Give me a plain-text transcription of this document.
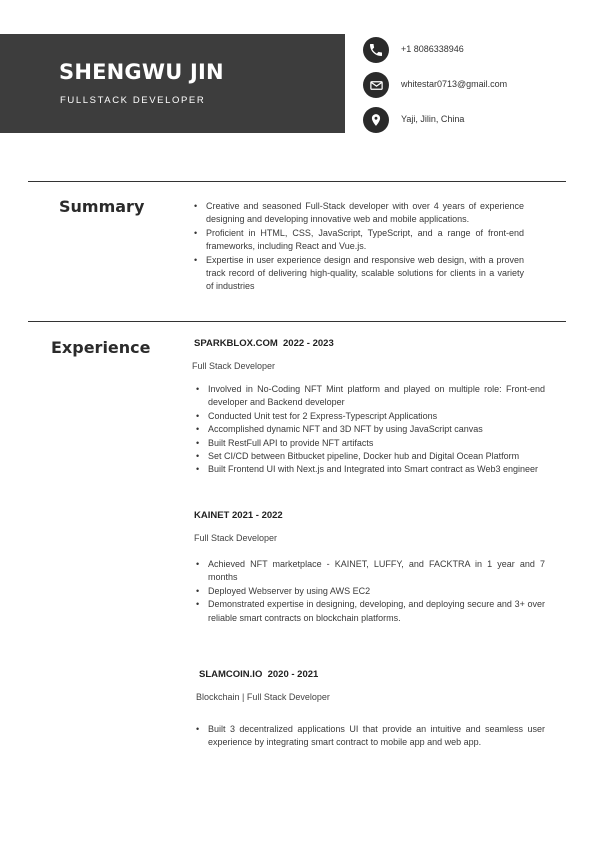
SHENGWU JIN
FULLSTACK DEVELOPER
+1 8086338946
whitestar0713@gmail.com
Yaji, Jilin, China
Summary
•	Creative and seasoned Full-Stack developer with over 4 years of experience designing and developing innovative web and mobile applications.
• Proficient in HTML, CSS, JavaScript, TypeScript, and a range of front-end frameworks, including React and Vue.js.
• Expertise in user experience design and responsive web design, with a proven track record of delivering high-quality, scalable solutions for clients in a variety of industries
Experience	SPARKBLOX.COM  2022 - 2023
Full Stack Developer
• Involved in No-Coding NFT Mint platform and played on multiple role: Front-end developer and Backend developer
• Conducted Unit test for 2 Express-Typescript Applications
• Accomplished dynamic NFT and 3D NFT by using JavaScript canvas
• Built RestFull API to provide NFT artifacts
• Set CI/CD between Bitbucket pipeline, Docker hub and Digital Ocean Platform
• Built Frontend UI with Next.js and Integrated into Smart contract as Web3 engineer
KAINET 2021 - 2022
Full Stack Developer
• Achieved NFT marketplace - KAINET, LUFFY, and FACKTRA in 1 year and 7 months
• Deployed Webserver by using AWS EC2
• Demonstrated expertise in designing, developing, and deploying secure and 3+ over reliable smart contracts on blockchain platforms.
SLAMCOIN.IO  2020 - 2021
Blockchain | Full Stack Developer
• Built 3 decentralized applications UI that provide an intuitive and seamless user experience by integrating smart contract to mobile app and web app.
